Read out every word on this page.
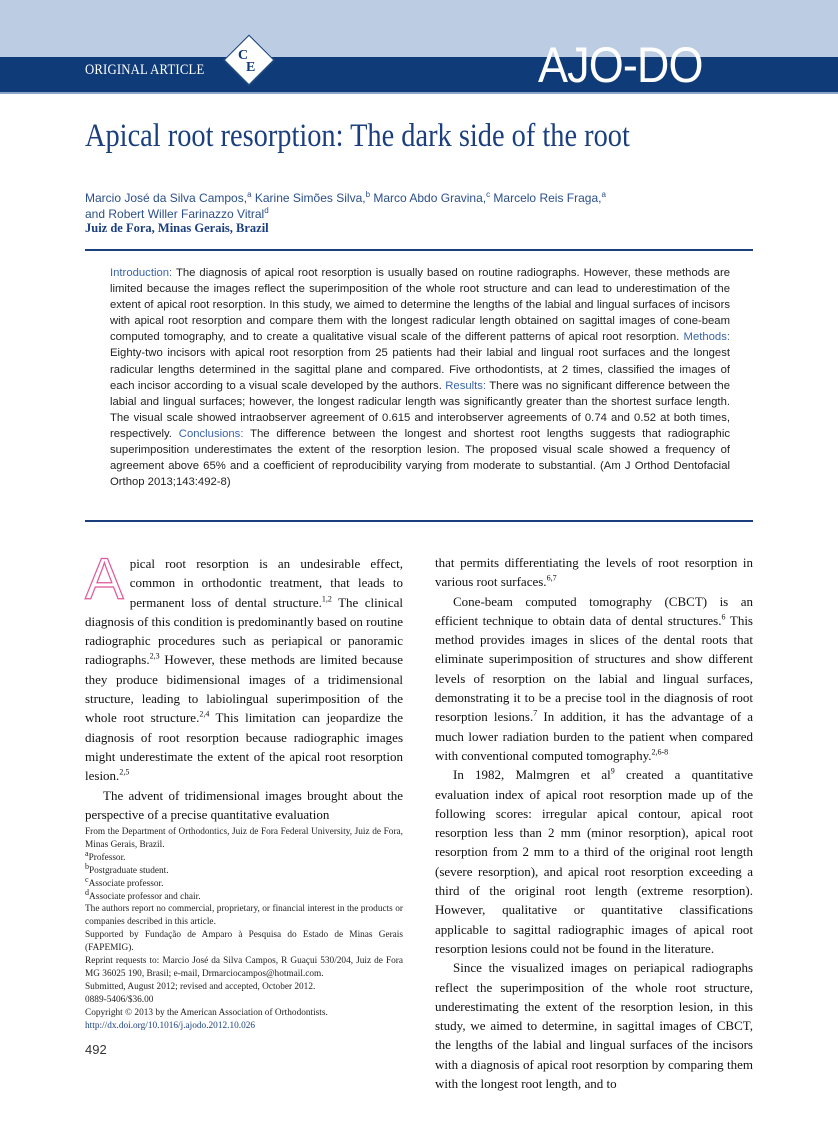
ORIGINAL ARTICLE
C
E	AJO-DO
Apical root resorption: The dark side of the root
Marcio José da Silva Campos,$^a$ Karine Simões Silva,$^b$ Marco Abdo Gravina,$^c$ Marcelo Reis Fraga,$^a$
and Robert Willer Farinazzo Vitral$^d$
Juiz de Fora, Minas Gerais, Brazil
Introduction: The diagnosis of apical root resorption is usually based on routine radiographs. However, these methods are limited because the images reflect the superimposition of the whole root structure and can lead to underestimation of the extent of apical root resorption. In this study, we aimed to determine the lengths of the labial and lingual surfaces of incisors with apical root resorption and compare them with the longest radicular length obtained on sagittal images of cone-beam computed tomography, and to create a qualitative visual scale of the different patterns of apical root resorption. Methods: Eighty-two incisors with apical root resorption from 25 patients had their labial and lingual root surfaces and the longest radicular lengths determined in the sagittal plane and compared. Five orthodontists, at 2 times, classified the images of each incisor according to a visual scale developed by the authors. Results: There was no significant difference between the labial and lingual surfaces; however, the longest radicular length was significantly greater than the shortest surface length. The visual scale showed intraobserver agreement of 0.615 and interobserver agreements of 0.74 and 0.52 at both times, respectively. Conclusions: The difference between the longest and shortest root lengths suggests that radiographic superimposition underestimates the extent of the resorption lesion. The proposed visual scale showed a frequency of agreement above 65% and a coefficient of reproducibility varying from moderate to substantial. (Am J Orthod Dentofacial Orthop 2013;143:492-8)

Apical root resorption is an undesirable effect, common in orthodontic treatment, that leads to permanent loss of dental structure.$^{1,2}$ The clinical diagnosis of this condition is predominantly based on routine radiographic procedures such as periapical or panoramic radiographs.$^{2,3}$ However, these methods are limited because they produce bidimensional images of a tridimensional structure, leading to labiolingual superimposition of the whole root structure.$^{2,4}$ This limitation can jeopardize the diagnosis of root resorption because radiographic images might underestimate the extent of the apical root resorption lesion.$^{2,5}$

The advent of tridimensional images brought about the perspective of a precise quantitative evaluation

that permits differentiating the levels of root resorption in various root surfaces.$^{6,7}$

Cone-beam computed tomography (CBCT) is an efficient technique to obtain data of dental structures.$^6$ This method provides images in slices of the dental roots that eliminate superimposition of structures and show different levels of resorption on the labial and lingual surfaces, demonstrating it to be a precise tool in the diagnosis of root resorption lesions.$^7$ In addition, it has the advantage of a much lower radiation burden to the patient when compared with conventional computed tomography.$^{2,6-8}$

In 1982, Malmgren et $al^9$ created a quantitative evaluation index of apical root resorption made up of the following scores: irregular apical contour, apical root resorption less than 2 mm (minor resorption), apical root resorption from 2 mm to a third of the original root length (severe resorption), and apical root resorption exceeding a third of the original root length (extreme resorption). However, qualitative or quantitative classifications applicable to sagittal radiographic images of apical root resorption lesions could not be found in the literature.

Since the visualized images on periapical radiographs reflect the superimposition of the whole root structure, underestimating the extent of the resorption lesion, in this study, we aimed to determine, in sagittal images of CBCT, the lengths of the labial and lingual surfaces of the incisors with a diagnosis of apical root resorption by comparing them with the longest root length, and to

From the Department of Orthodontics, Juiz de Fora Federal University, Juiz de Fora, Minas Gerais, Brazil.
$^a$Professor.
$^b$Postgraduate student.
$^c$Associate professor.
$^d$Associate professor and chair.
The authors report no commercial, proprietary, or financial interest in the products or companies described in this article.
Supported by Fundação de Amparo à Pesquisa do Estado de Minas Gerais (FAPEMIG).
Reprint requests to: Marcio José da Silva Campos, R Guaçui 530/204, Juiz de Fora MG 36025 190, Brasil; e-mail, Drmarciocampos@hotmail.com.
Submitted, August 2012; revised and accepted, October 2012.
0889-5406/$36.00
Copyright © 2013 by the American Association of Orthodontists.
http://dx.doi.org/10.1016/j.ajodo.2012.10.026
492
